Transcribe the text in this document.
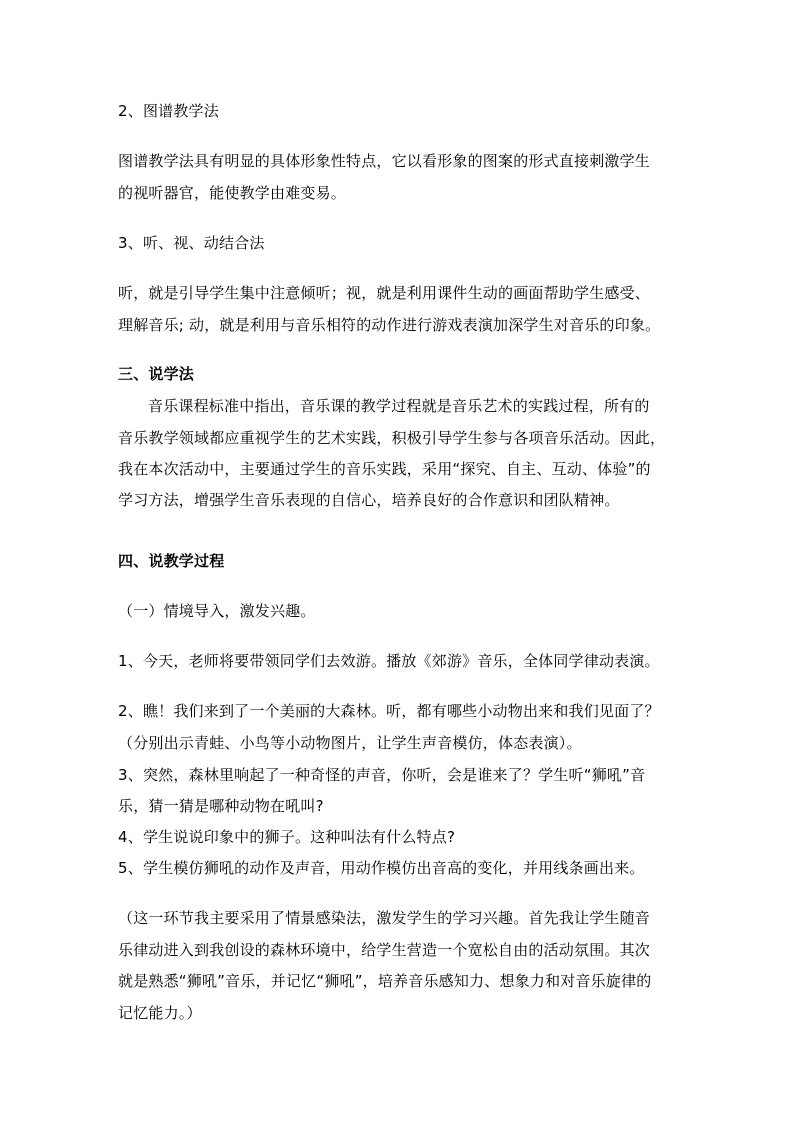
2、图谱教学法
图谱教学法具有明显的具体形象性特点，它以看形象的图案的形式直接刺激学生
的视听器官，能使教学由难变易。
3、听、视、动结合法
听，就是引导学生集中注意倾听；视，就是利用课件生动的画面帮助学生感受、
理解音乐; 动，就是利用与音乐相符的动作进行游戏表演加深学生对音乐的印象。
三、说学法
音乐课程标准中指出，音乐课的教学过程就是音乐艺术的实践过程，所有的
音乐教学领域都应重视学生的艺术实践，积极引导学生参与各项音乐活动。因此，
我在本次活动中，主要通过学生的音乐实践，采用“探究、自主、互动、体验”的
学习方法，增强学生音乐表现的自信心，培养良好的合作意识和团队精神。
四、说教学过程
（一）情境导入，激发兴趣。
1、今天，老师将要带领同学们去效游。播放《郊游》音乐，全体同学律动表演。
2、瞧！我们来到了一个美丽的大森林。听，都有哪些小动物出来和我们见面了？
（分别出示青蛙、小鸟等小动物图片，让学生声音模仿，体态表演）。
3、突然，森林里响起了一种奇怪的声音，你听，会是谁来了？学生听“狮吼”音
乐，猜一猜是哪种动物在吼叫?
4、学生说说印象中的狮子。这种叫法有什么特点?
5、学生模仿狮吼的动作及声音，用动作模仿出音高的变化，并用线条画出来。
（这一环节我主要采用了情景感染法，激发学生的学习兴趣。首先我让学生随音
乐律动进入到我创设的森林环境中，给学生营造一个宽松自由的活动氛围。其次
就是熟悉“狮吼”音乐，并记忆“狮吼”，培养音乐感知力、想象力和对音乐旋律的
记忆能力。）
